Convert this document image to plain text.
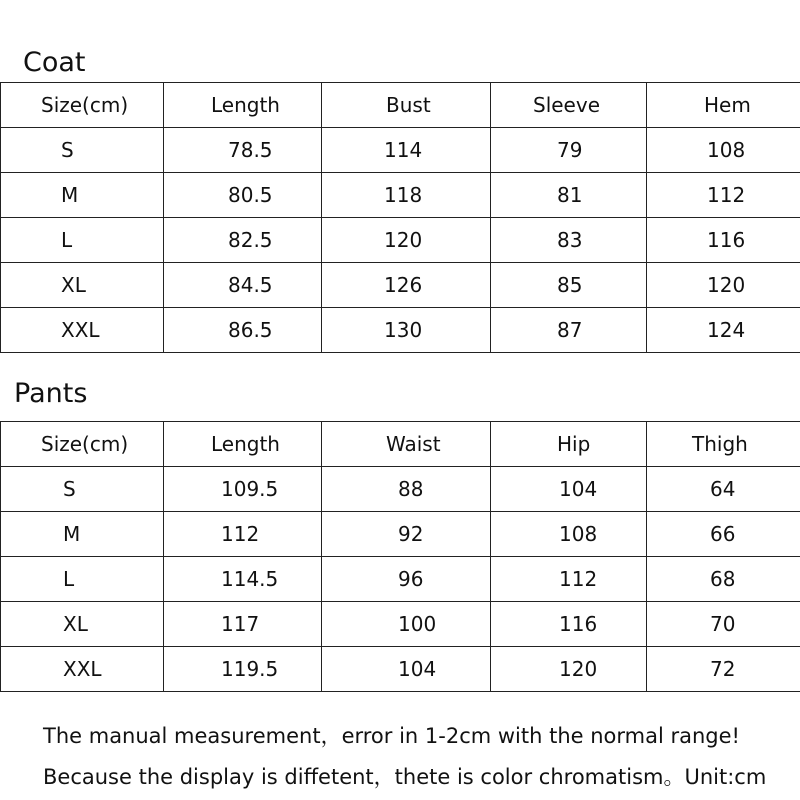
Coat
Size(cm)	Length	Bust	Sleeve	Hem
S	78.5	114	79	108
M	80.5	118	81	112
L	82.5	120	83	116
XL	84.5	126	85	120
XXL	86.5	130	87	124
Pants
Size(cm)	Length	Waist	Hip	Thigh
S	109.5	88	104	64
M	112	92	108	66
L	114.5	96	112	68
XL	117	100	116	70
XXL	119.5	104	120	72

The manual measurement，error in 1-2cm with the normal range!

Because the display is diffetent，thete is color chromatism。Unit:cm
